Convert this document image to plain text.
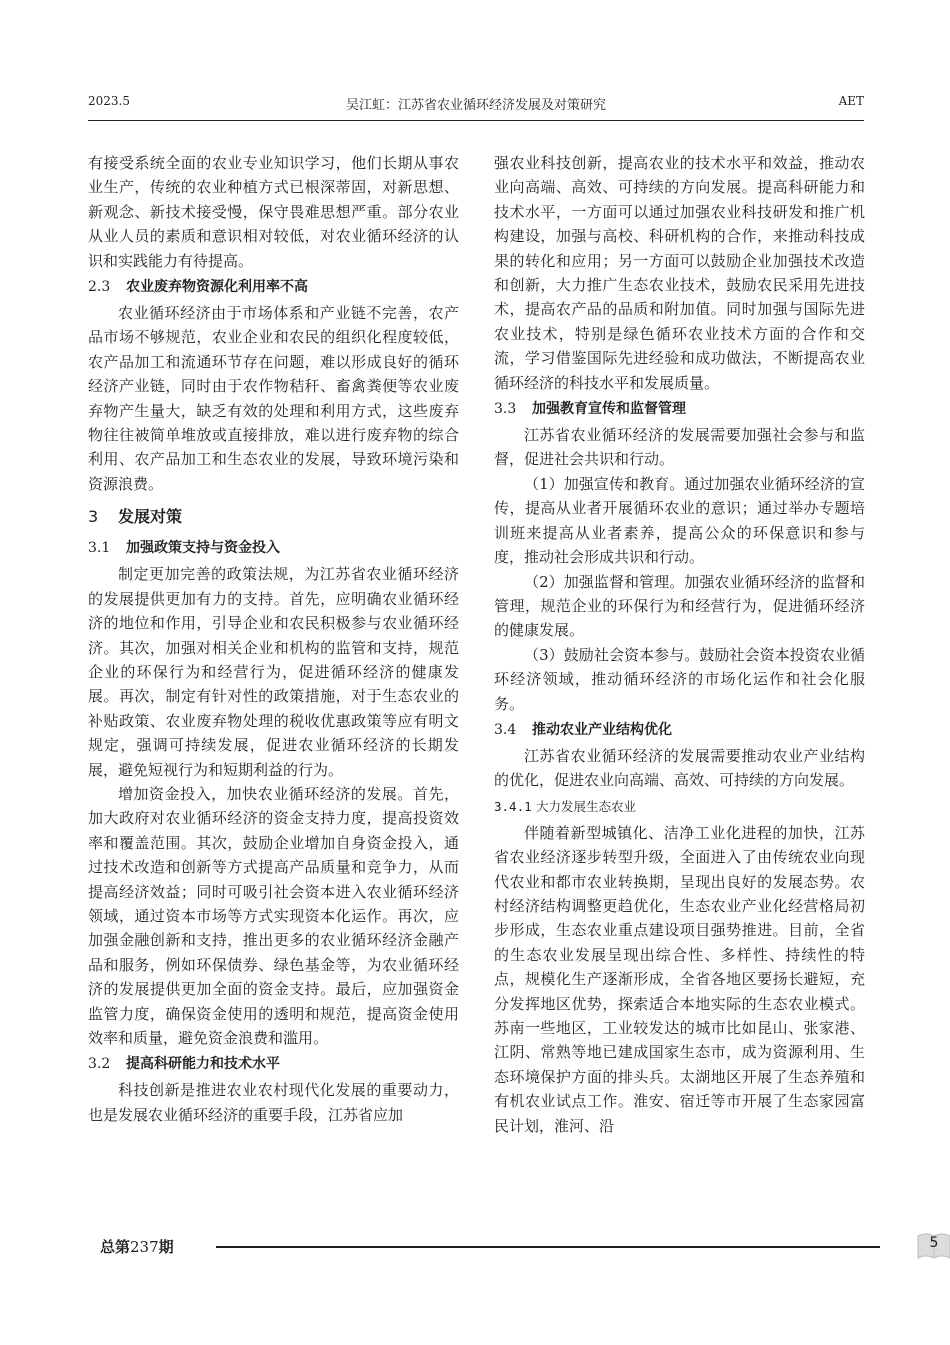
2023.5	吴江虹：江苏省农业循环经济发展及对策研究	AET

有接受系统全面的农业专业知识学习，他们长期从事农业生产，传统的农业种植方式已根深蒂固，对新思想、新观念、新技术接受慢，保守畏难思想严重。部分农业从业人员的素质和意识相对较低，对农业循环经济的认识和实践能力有待提高。

2.3 农业废弃物资源化利用率不高

农业循环经济由于市场体系和产业链不完善，农产品市场不够规范，农业企业和农民的组织化程度较低，农产品加工和流通环节存在问题，难以形成良好的循环经济产业链，同时由于农作物秸秆、畜禽粪便等农业废弃物产生量大，缺乏有效的处理和利用方式，这些废弃物往往被简单堆放或直接排放，难以进行废弃物的综合利用、农产品加工和生态农业的发展，导致环境污染和资源浪费。

3 发展对策
3.1 加强政策支持与资金投入

制定更加完善的政策法规，为江苏省农业循环经济的发展提供更加有力的支持。首先，应明确农业循环经济的地位和作用，引导企业和农民积极参与农业循环经济。其次，加强对相关企业和机构的监管和支持，规范企业的环保行为和经营行为，促进循环经济的健康发展。再次，制定有针对性的政策措施，对于生态农业的补贴政策、农业废弃物处理的税收优惠政策等应有明文规定，强调可持续发展，促进农业循环经济的长期发展，避免短视行为和短期利益的行为。

增加资金投入，加快农业循环经济的发展。首先，加大政府对农业循环经济的资金支持力度，提高投资效率和覆盖范围。其次，鼓励企业增加自身资金投入，通过技术改造和创新等方式提高产品质量和竞争力，从而提高经济效益；同时可吸引社会资本进入农业循环经济领域，通过资本市场等方式实现资本化运作。再次，应加强金融创新和支持，推出更多的农业循环经济金融产品和服务，例如环保债券、绿色基金等，为农业循环经济的发展提供更加全面的资金支持。最后，应加强资金监管力度，确保资金使用的透明和规范，提高资金使用效率和质量，避免资金浪费和滥用。

3.2 提高科研能力和技术水平

科技创新是推进农业农村现代化发展的重要动力，也是发展农业循环经济的重要手段，江苏省应加

强农业科技创新，提高农业的技术水平和效益，推动农业向高端、高效、可持续的方向发展。提高科研能力和技术水平，一方面可以通过加强农业科技研发和推广机构建设，加强与高校、科研机构的合作，来推动科技成果的转化和应用；另一方面可以鼓励企业加强技术改造和创新，大力推广生态农业技术，鼓励农民采用先进技术，提高农产品的品质和附加值。同时加强与国际先进农业技术，特别是绿色循环农业技术方面的合作和交流，学习借鉴国际先进经验和成功做法，不断提高农业循环经济的科技水平和发展质量。

3.3 加强教育宣传和监督管理

江苏省农业循环经济的发展需要加强社会参与和监督，促进社会共识和行动。

（1）加强宣传和教育。通过加强农业循环经济的宣传，提高从业者开展循环农业的意识；通过举办专题培训班来提高从业者素养，提高公众的环保意识和参与度，推动社会形成共识和行动。

（2）加强监督和管理。加强农业循环经济的监督和管理，规范企业的环保行为和经营行为，促进循环经济的健康发展。

（3）鼓励社会资本参与。鼓励社会资本投资农业循环经济领域，推动循环经济的市场化运作和社会化服务。

3.4 推动农业产业结构优化

江苏省农业循环经济的发展需要推动农业产业结构的优化，促进农业向高端、高效、可持续的方向发展。

3.4.1 大力发展生态农业

伴随着新型城镇化、洁净工业化进程的加快，江苏省农业经济逐步转型升级，全面进入了由传统农业向现代农业和都市农业转换期，呈现出良好的发展态势。农村经济结构调整更趋优化，生态农业产业化经营格局初步形成，生态农业重点建设项目强势推进。目前，全省的生态农业发展呈现出综合性、多样性、持续性的特点，规模化生产逐渐形成，全省各地区要扬长避短，充分发挥地区优势，探索适合本地实际的生态农业模式。苏南一些地区，工业较发达的城市比如昆山、张家港、江阴、常熟等地已建成国家生态市，成为资源利用、生态环境保护方面的排头兵。太湖地区开展了生态养殖和有机农业试点工作。淮安、宿迁等市开展了生态家园富民计划，淮河、沿

总第237期	5
